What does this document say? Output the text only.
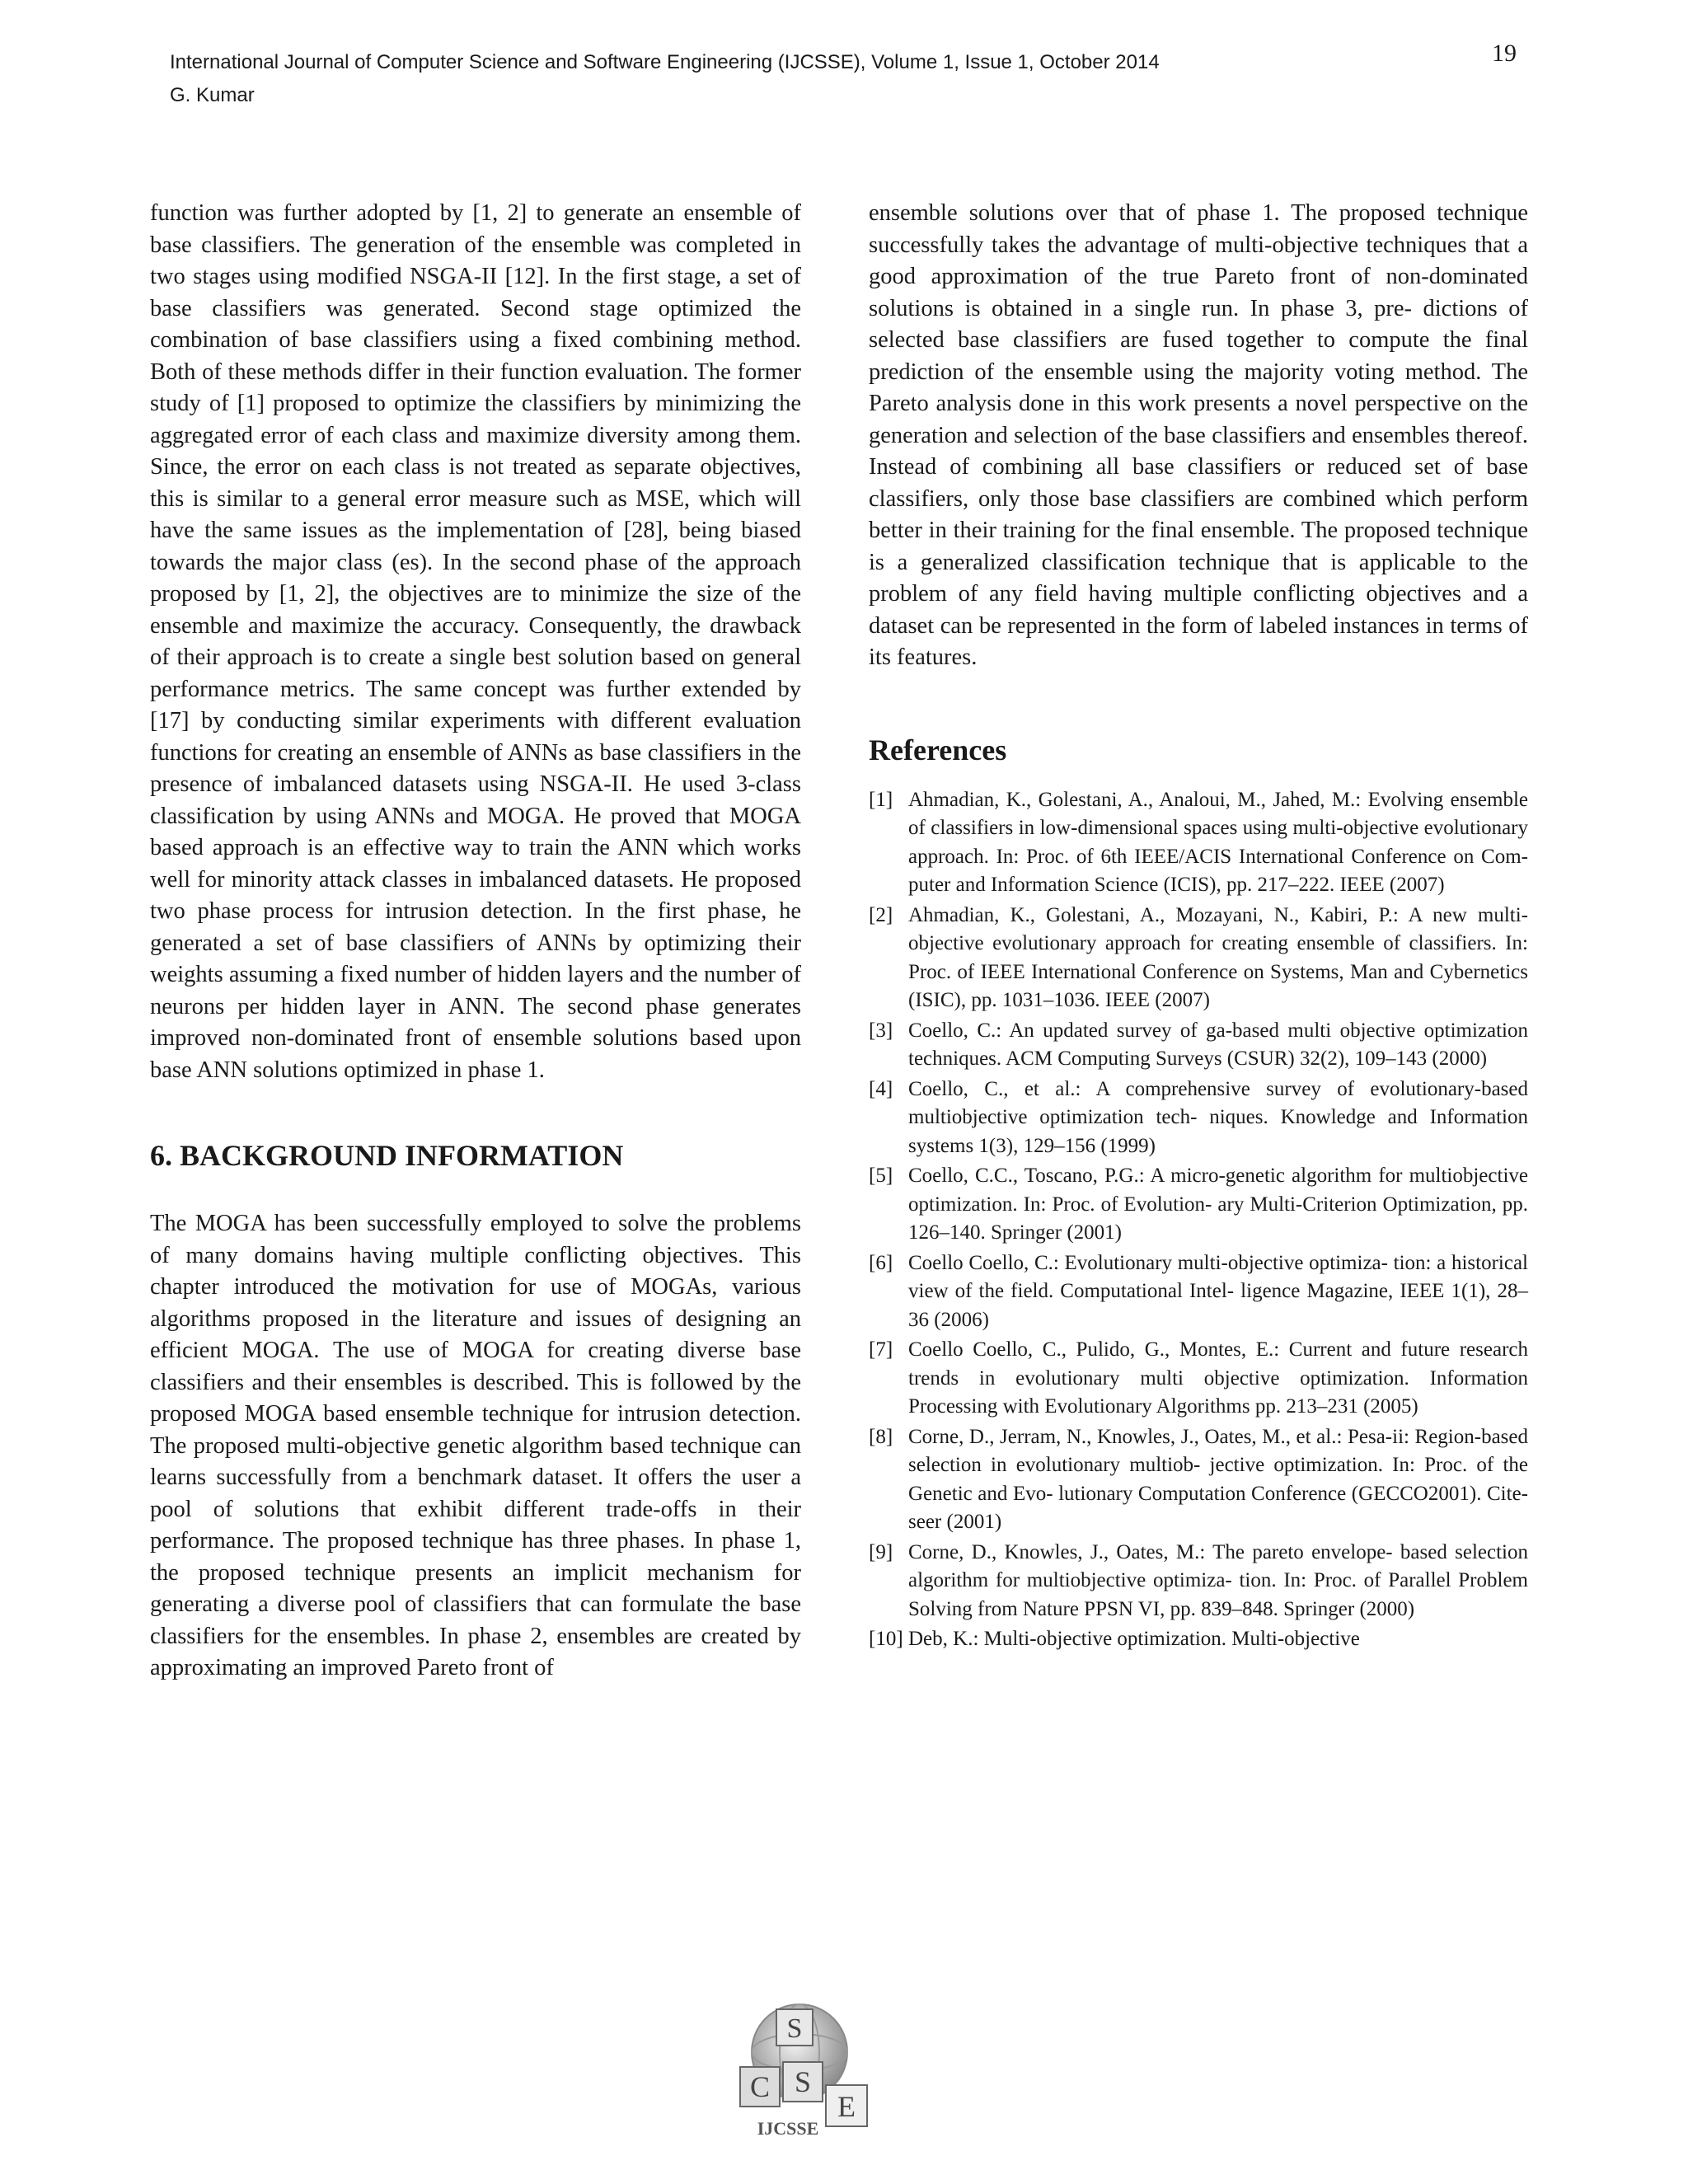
International Journal of Computer Science and Software Engineering (IJCSSE), Volume 1, Issue 1, October 2014
G. Kumar
19

function was further adopted by [1, 2] to generate an ensemble of base classifiers. The generation of the ensemble was completed in two stages using modified NSGA-II [12]. In the first stage, a set of base classifiers was generated. Second stage optimized the combination of base classifiers using a fixed combining method. Both of these methods differ in their function evaluation. The former study of [1] proposed to optimize the classifiers by minimizing the aggregated error of each class and maximize diversity among them. Since, the error on each class is not treated as separate objectives, this is similar to a general error measure such as MSE, which will have the same issues as the implementation of [28], being biased towards the major class (es). In the second phase of the approach proposed by [1, 2], the objectives are to minimize the size of the ensemble and maximize the accuracy. Consequently, the drawback of their approach is to create a single best solution based on general performance metrics. The same concept was further extended by [17] by conducting similar experiments with different evaluation functions for creating an ensemble of ANNs as base classifiers in the presence of imbalanced datasets using NSGA-II. He used 3-class classification by using ANNs and MOGA. He proved that MOGA based approach is an effective way to train the ANN which works well for minority attack classes in imbalanced datasets. He proposed two phase process for intrusion detection. In the first phase, he generated a set of base classifiers of ANNs by optimizing their weights assuming a fixed number of hidden layers and the number of neurons per hidden layer in ANN. The second phase generates improved non-dominated front of ensemble solutions based upon base ANN solutions optimized in phase 1.

6. BACKGROUND INFORMATION

The MOGA has been successfully employed to solve the problems of many domains having multiple conflicting objectives. This chapter introduced the motivation for use of MOGAs, various algorithms proposed in the literature and issues of designing an efficient MOGA. The use of MOGA for creating diverse base classifiers and their ensembles is described. This is followed by the proposed MOGA based ensemble technique for intrusion detection. The proposed multi-objective genetic algorithm based technique can learns successfully from a benchmark dataset. It offers the user a pool of solutions that exhibit different trade-offs in their performance. The proposed technique has three phases. In phase 1, the proposed technique presents an implicit mechanism for generating a diverse pool of classifiers that can formulate the base classifiers for the ensembles. In phase 2, ensembles are created by approximating an improved Pareto front of

ensemble solutions over that of phase 1. The proposed technique successfully takes the advantage of multi-objective techniques that a good approximation of the true Pareto front of non-dominated solutions is obtained in a single run. In phase 3, pre- dictions of selected base classifiers are fused together to compute the final prediction of the ensemble using the majority voting method. The Pareto analysis done in this work presents a novel perspective on the generation and selection of the base classifiers and ensembles thereof. Instead of combining all base classifiers or reduced set of base classifiers, only those base classifiers are combined which perform better in their training for the final ensemble. The proposed technique is a generalized classification technique that is applicable to the problem of any field having multiple conflicting objectives and a dataset can be represented in the form of labeled instances in terms of its features.

References
[1] Ahmadian, K., Golestani, A., Analoui, M., Jahed, M.: Evolving ensemble of classifiers in low-dimensional spaces using multi-objective evolutionary approach. In: Proc. of 6th IEEE/ACIS International Conference on Com- puter and Information Science (ICIS), pp. 217–222. IEEE (2007)
[2] Ahmadian, K., Golestani, A., Mozayani, N., Kabiri, P.: A new multi-objective evolutionary approach for creating ensemble of classifiers. In: Proc. of IEEE International Conference on Systems, Man and Cybernetics (ISIC), pp. 1031–1036. IEEE (2007)
[3] Coello, C.: An updated survey of ga-based multi objective optimization techniques. ACM Computing Surveys (CSUR) 32(2), 109–143 (2000)
[4] Coello, C., et al.: A comprehensive survey of evolutionary-based multiobjective optimization tech- niques. Knowledge and Information systems 1(3), 129–156 (1999)
[5] Coello, C.C., Toscano, P.G.: A micro-genetic algorithm for multiobjective optimization. In: Proc. of Evolution- ary Multi-Criterion Optimization, pp. 126–140. Springer (2001)
[6] Coello Coello, C.: Evolutionary multi-objective optimiza- tion: a historical view of the field. Computational Intel- ligence Magazine, IEEE 1(1), 28–36 (2006)
[7] Coello Coello, C., Pulido, G., Montes, E.: Current and future research trends in evolutionary multi objective optimization. Information Processing with Evolutionary Algorithms pp. 213–231 (2005)
[8] Corne, D., Jerram, N., Knowles, J., Oates, M., et al.: Pesa-ii: Region-based selection in evolutionary multiob- jective optimization. In: Proc. of the Genetic and Evo- lutionary Computation Conference (GECCO2001). Cite- seer (2001)
[9] Corne, D., Knowles, J., Oates, M.: The pareto envelope- based selection algorithm for multiobjective optimiza- tion. In: Proc. of Parallel Problem Solving from Nature PPSN VI, pp. 839–848. Springer (2000)
[10] Deb, K.: Multi-objective optimization. Multi-objective
S
C S
E
IJCSSE
